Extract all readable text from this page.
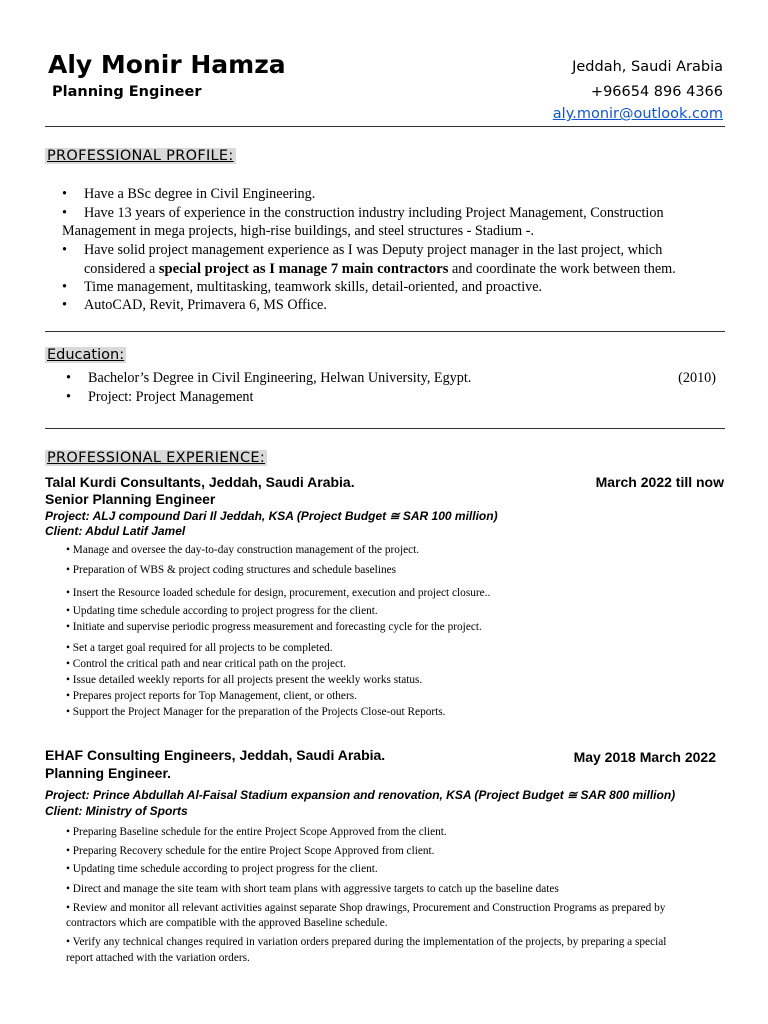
Aly Monir Hamza
Planning Engineer
Jeddah, Saudi Arabia
+96654 896 4366
aly.monir@outlook.com
PROFESSIONAL PROFILE:
• Have a BSc degree in Civil Engineering.
• Have 13 years of experience in the construction industry including Project Management, Construction
Management in mega projects, high-rise buildings, and steel structures - Stadium -.
• Have solid project management experience as I was Deputy project manager in the last project, which
considered a special project as I manage 7 main contractors and coordinate the work between them.
• Time management, multitasking, teamwork skills, detail-oriented, and proactive.
• AutoCAD, Revit, Primavera 6, MS Office.
Education:
• Bachelor’s Degree in Civil Engineering, Helwan University, Egypt.	(2010)
• Project: Project Management
PROFESSIONAL EXPERIENCE:
Talal Kurdi Consultants, Jeddah, Saudi Arabia.	March 2022 till now
Senior Planning Engineer
Project: ALJ compound Dari Il Jeddah, KSA (Project Budget ≅ SAR 100 million)
Client: Abdul Latif Jamel
• Manage and oversee the day-to-day construction management of the project.
• Preparation of WBS & project coding structures and schedule baselines
• Insert the Resource loaded schedule for design, procurement, execution and project closure..
• Updating time schedule according to project progress for the client.
• Initiate and supervise periodic progress measurement and forecasting cycle for the project.
• Set a target goal required for all projects to be completed.
• Control the critical path and near critical path on the project.
• Issue detailed weekly reports for all projects present the weekly works status.
• Prepares project reports for Top Management, client, or others.
• Support the Project Manager for the preparation of the Projects Close-out Reports.
EHAF Consulting Engineers, Jeddah, Saudi Arabia.	May 2018 March 2022
Planning Engineer.
Project: Prince Abdullah Al-Faisal Stadium expansion and renovation, KSA (Project Budget ≅ SAR 800 million)
Client: Ministry of Sports
• Preparing Baseline schedule for the entire Project Scope Approved from the client.
• Preparing Recovery schedule for the entire Project Scope Approved from client.
• Updating time schedule according to project progress for the client.
• Direct and manage the site team with short team plans with aggressive targets to catch up the baseline dates
• Review and monitor all relevant activities against separate Shop drawings, Procurement and Construction Programs as prepared by
contractors which are compatible with the approved Baseline schedule.
• Verify any technical changes required in variation orders prepared during the implementation of the projects, by preparing a special
report attached with the variation orders.
